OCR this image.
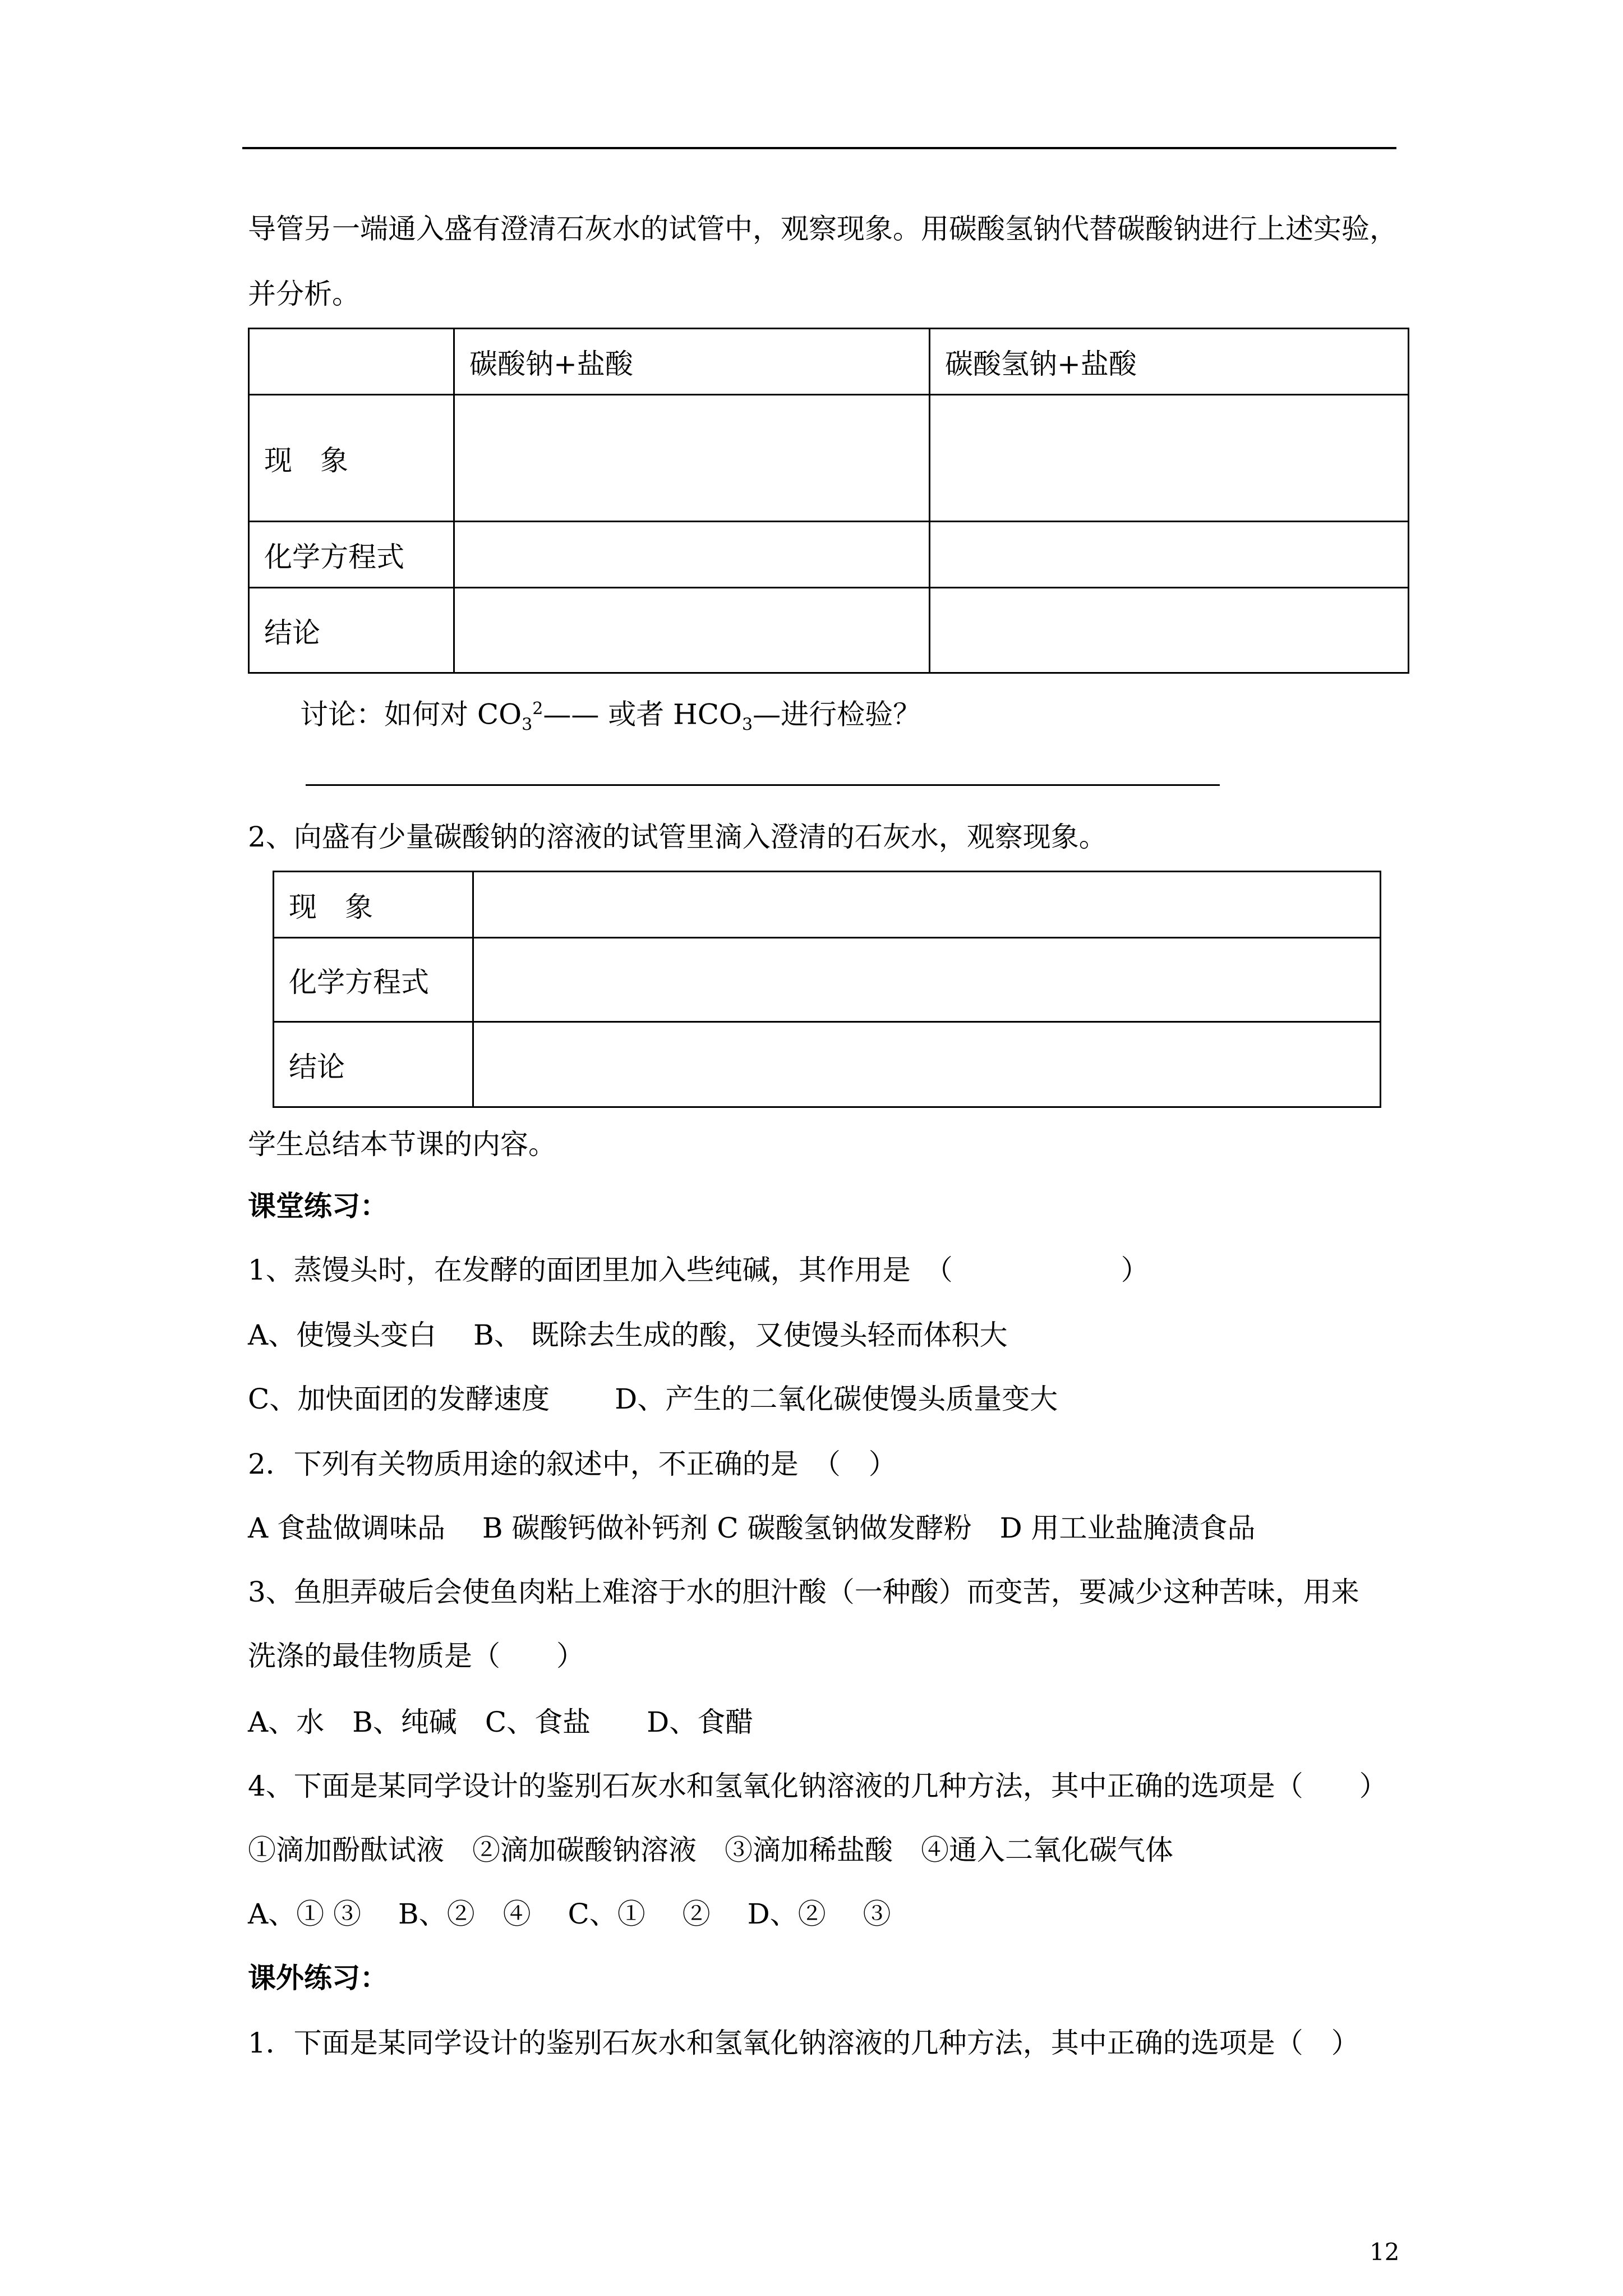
导管另一端通入盛有澄清石灰水的试管中，观察现象。用碳酸氢钠代替碳酸钠进行上述实验，
并分析。
	碳酸钠+盐酸	碳酸氢钠+盐酸
现　象		
化学方程式		
结论		
讨论：如何对 $CO_3^2——$ 或者 $HCO_3—$进行检验？
2、向盛有少量碳酸钠的溶液的试管里滴入澄清的石灰水，观察现象。
现　象	
化学方程式	
结论	
学生总结本节课的内容。
课堂练习：
1、蒸馒头时，在发酵的面团里加入些纯碱，其作用是　（　　　　　　）
A、使馒头变白　 B、 既除去生成的酸，又使馒头轻而体积大
C、加快面团的发酵速度　　 D、产生的二氧化碳使馒头质量变大
2．下列有关物质用途的叙述中，不正确的是　（　）
A 食盐做调味品　 B 碳酸钙做补钙剂 C 碳酸氢钠做发酵粉　D 用工业盐腌渍食品
3、鱼胆弄破后会使鱼肉粘上难溶于水的胆汁酸（一种酸）而变苦，要减少这种苦味，用来
洗涤的最佳物质是（　　）
A、水　B、纯碱　C、食盐　　D、食醋
4、下面是某同学设计的鉴别石灰水和氢氧化钠溶液的几种方法，其中正确的选项是（　　）
①滴加酚酞试液　②滴加碳酸钠溶液　③滴加稀盐酸　④通入二氧化碳气体
A、① ③　 B、②　④　 C、①　 ②　 D、②　 ③
课外练习：
1．下面是某同学设计的鉴别石灰水和氢氧化钠溶液的几种方法，其中正确的选项是（　）
12
